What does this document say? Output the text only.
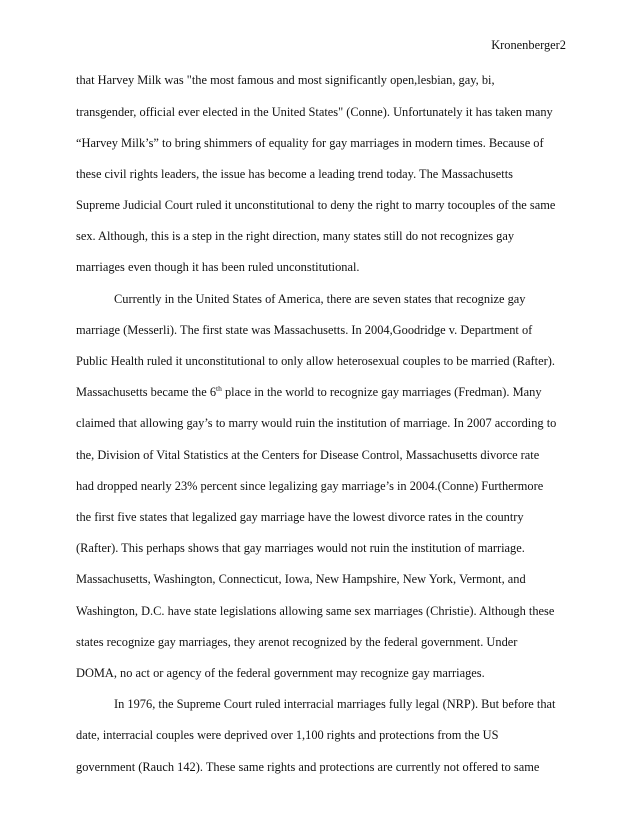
Kronenberger2
that Harvey Milk was "the most famous and most significantly open,lesbian, gay, bi,
transgender, official ever elected in the United States" (Conne). Unfortunately it has taken many
“Harvey Milk’s” to bring shimmers of equality for gay marriages in modern times. Because of
these civil rights leaders, the issue has become a leading trend today. The Massachusetts
Supreme Judicial Court ruled it unconstitutional to deny the right to marry tocouples of the same
sex. Although, this is a step in the right direction, many states still do not recognizes gay
marriages even though it has been ruled unconstitutional.
Currently in the United States of America, there are seven states that recognize gay
marriage (Messerli). The first state was Massachusetts. In 2004,Goodridge v. Department of
Public Health ruled it unconstitutional to only allow heterosexual couples to be married (Rafter).
Massachusetts became the 6th place in the world to recognize gay marriages (Fredman). Many
claimed that allowing gay’s to marry would ruin the institution of marriage. In 2007 according to
the, Division of Vital Statistics at the Centers for Disease Control, Massachusetts divorce rate
had dropped nearly 23% percent since legalizing gay marriage’s in 2004.(Conne) Furthermore
the first five states that legalized gay marriage have the lowest divorce rates in the country
(Rafter). This perhaps shows that gay marriages would not ruin the institution of marriage.
Massachusetts, Washington, Connecticut, Iowa, New Hampshire, New York, Vermont, and
Washington, D.C. have state legislations allowing same sex marriages (Christie). Although these
states recognize gay marriages, they arenot recognized by the federal government. Under
DOMA, no act or agency of the federal government may recognize gay marriages.
In 1976, the Supreme Court ruled interracial marriages fully legal (NRP). But before that
date, interracial couples were deprived over 1,100 rights and protections from the US
government (Rauch 142). These same rights and protections are currently not offered to same
